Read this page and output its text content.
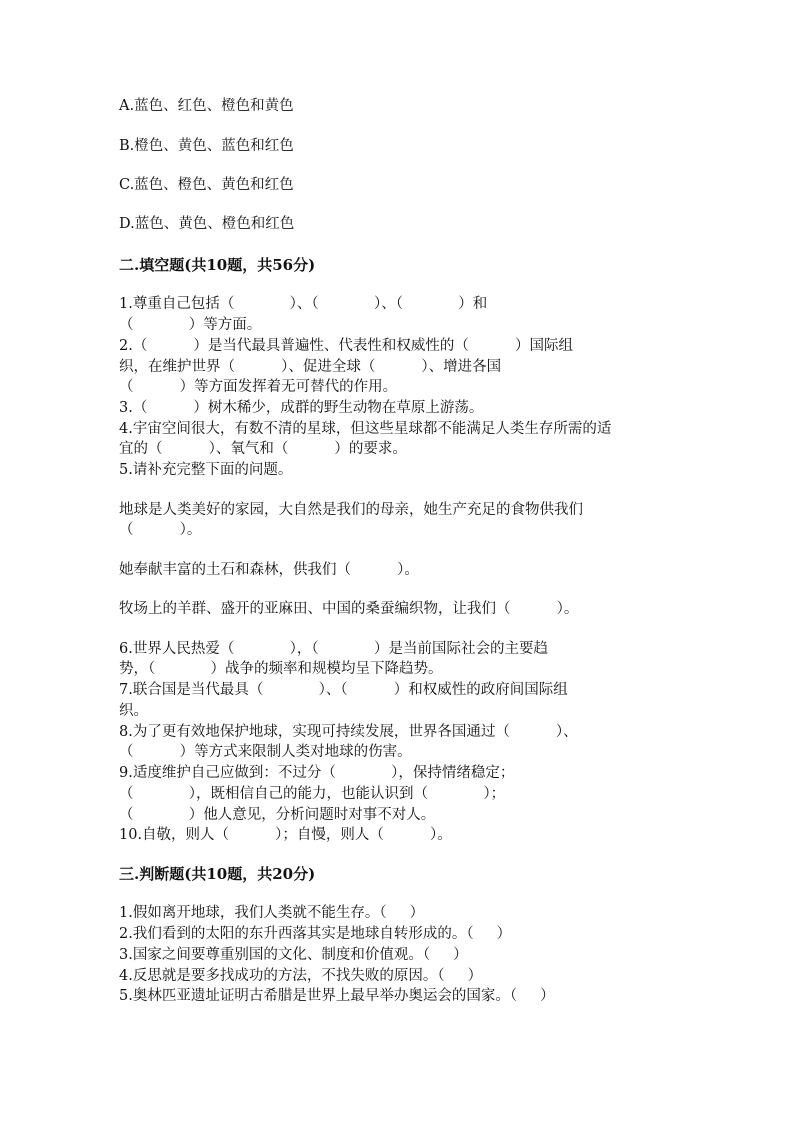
A.蓝色、红色、橙色和黄色
B.橙色、黄色、蓝色和红色
C.蓝色、橙色、黄色和红色
D.蓝色、黄色、橙色和红色
二.填空题(共10题，共56分)
1.尊重自己包括（            ）、（            ）、（            ）和
（            ）等方面。
2.（          ）是当代最具普遍性、代表性和权威性的（          ）国际组
织，在维护世界（          ）、促进全球（          ）、增进各国
（          ）等方面发挥着无可替代的作用。
3.（          ）树木稀少，成群的野生动物在草原上游荡。
4.宇宙空间很大，有数不清的星球，但这些星球都不能满足人类生存所需的适
宜的（          ）、氧气和（          ）的要求。
5.请补充完整下面的问题。
地球是人类美好的家园，大自然是我们的母亲，她生产充足的食物供我们
（          ）。
她奉献丰富的土石和森林，供我们（          ）。
牧场上的羊群、盛开的亚麻田、中国的桑蚕编织物，让我们（          ）。
6.世界人民热爱（            ），（            ）是当前国际社会的主要趋
势，（            ）战争的频率和规模均呈下降趋势。
7.联合国是当代最具（            ）、（          ）和权威性的政府间国际组
织。
8.为了更有效地保护地球，实现可持续发展，世界各国通过（          ）、
（          ）等方式来限制人类对地球的伤害。
9.适度维护自己应做到：不过分（            ），保持情绪稳定；
（            ），既相信自己的能力，也能认识到（            ）；
（            ）他人意见，分析问题时对事不对人。
10.自敬，则人（          ）；自慢，则人（          ）。
三.判断题(共10题，共20分)
1.假如离开地球，我们人类就不能生存。（     ）
2.我们看到的太阳的东升西落其实是地球自转形成的。（     ）
3.国家之间要尊重别国的文化、制度和价值观。（     ）
4.反思就是要多找成功的方法，不找失败的原因。（     ）
5.奥林匹亚遗址证明古希腊是世界上最早举办奥运会的国家。（     ）
